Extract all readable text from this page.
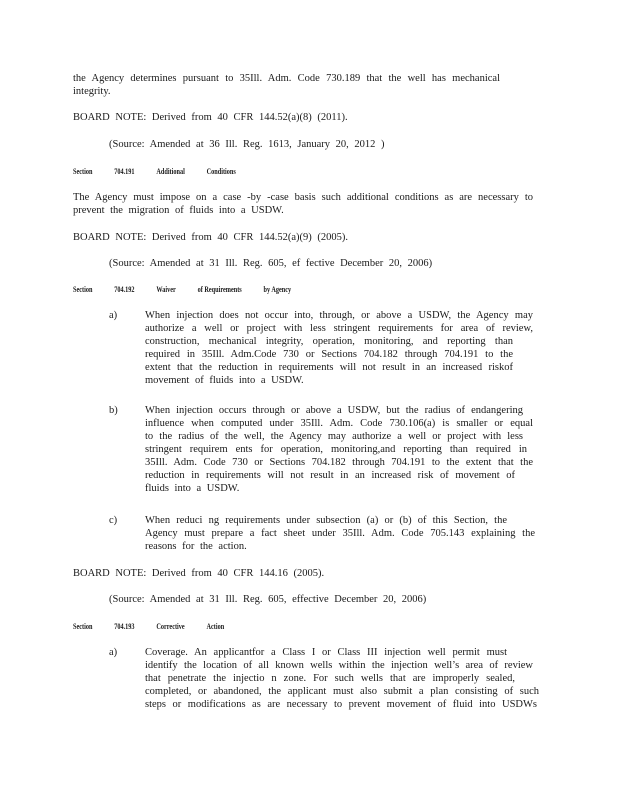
the Agency determines pursuant to 35Ill. Adm. Code 730.189 that the well has mechanical
integrity.
BOARD NOTE: Derived from 40 CFR 144.52(a)(8) (2011).
(Source: Amended at 36 Ill. Reg. 1613, January 20, 2012 )
Section	704.191	Additional	Conditions
The Agency must impose on a case -by -case basis such additional conditions as are necessary to
prevent the migration of fluids into a USDW.
BOARD NOTE: Derived from 40 CFR 144.52(a)(9) (2005).
(Source: Amended at 31 Ill. Reg. 605, ef fective December 20, 2006)
Section	704.192	Waiver	of Requirements	by Agency
a)	When injection does not occur into, through, or above a USDW, the Agency may
authorize a well or project with less stringent requirements for area of review,
construction, mechanical integrity, operation, monitoring, and reporting than
required in 35Ill. Adm.Code 730 or Sections 704.182 through 704.191 to the
extent that the reduction in requirements will not result in an increased riskof
movement of fluids into a USDW.
b)	When injection occurs through or above a USDW, but the radius of endangering
influence when computed under 35Ill. Adm. Code 730.106(a) is smaller or equal
to the radius of the well, the Agency may authorize a well or project with less
stringent requirem ents for operation, monitoring,and reporting than required in
35Ill. Adm. Code 730 or Sections 704.182 through 704.191 to the extent that the
reduction in requirements will not result in an increased risk of movement of
fluids into a USDW.
c)	When reduci ng requirements under subsection (a) or (b) of this Section, the
Agency must prepare a fact sheet under 35Ill. Adm. Code 705.143 explaining the
reasons for the action.
BOARD NOTE: Derived from 40 CFR 144.16 (2005).
(Source: Amended at 31 Ill. Reg. 605, effective December 20, 2006)
Section	704.193	Corrective	Action
a)	Coverage. An applicantfor a Class I or Class III injection well permit must
identify the location of all known wells within the injection well’s area of review
that penetrate the injectio n zone. For such wells that are improperly sealed,
completed, or abandoned, the applicant must also submit a plan consisting of such
steps or modifications as are necessary to prevent movement of fluid into USDWs
